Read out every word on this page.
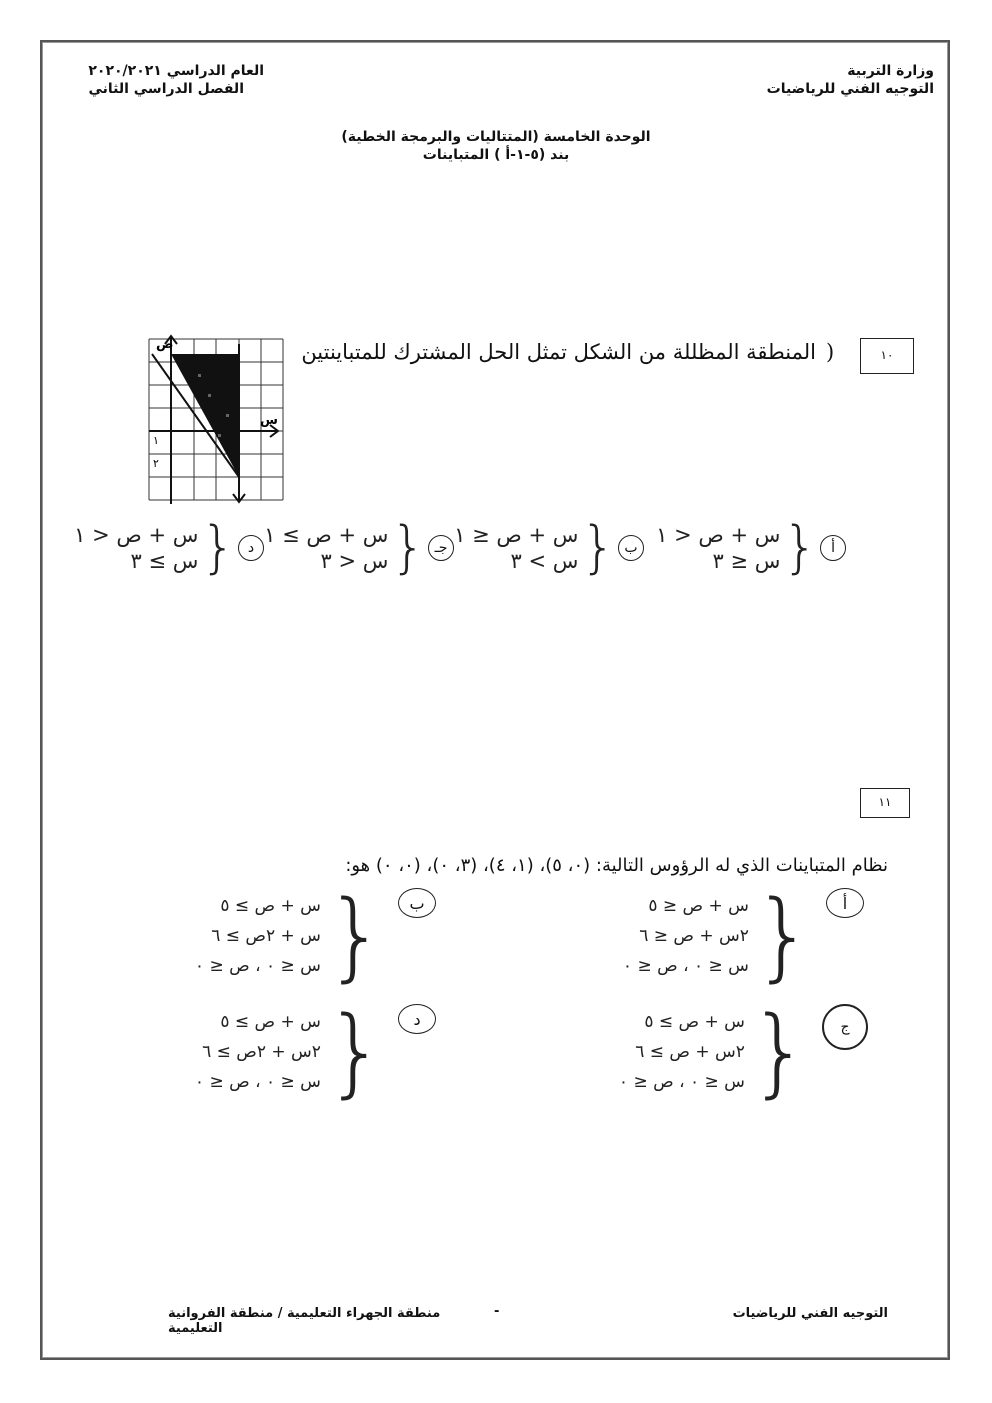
وزارة التربية
التوجيه الفني للرياضيات
العام الدراسي ٢٠٢٠/٢٠٢١
الفصل الدراسي الثاني
الوحدة الخامسة (المتتاليات والبرمجة الخطية)
بند (٥-١-أ ) المتباينات
١٠
)
المنطقة المظللة من الشكل تمثل الحل المشترك للمتباينتين
ص
س
١
٢
أ
{
س + ص < ١
س ≤ ٣
ب
{
س + ص ≤ ١
س > ٣
جـ
{
س + ص ≥ ١
س < ٣
د
{
س + ص < ١
س ≥ ٣
١١
نظام المتباينات الذي له الرؤوس التالية: (٠، ٥)، (١، ٤)، (٣، ٠)، (٠، ٠) هو:
أ
{
س + ص ≤ ٥
٢س + ص ≤ ٦
س ≤ ٠ ، ص ≤ ٠
ب
{
س + ص ≥ ٥
س + ٢ص ≥ ٦
س ≤ ٠ ، ص ≤ ٠
ج
{
س + ص ≥ ٥
٢س + ص ≥ ٦
س ≤ ٠ ، ص ≤ ٠
د
{
س + ص ≥ ٥
٢س + ٢ص ≥ ٦
س ≤ ٠ ، ص ≤ ٠
التوجيه الفني للرياضيات
-
منطقة الجهراء التعليمية / منطقة الفروانية التعليمية
